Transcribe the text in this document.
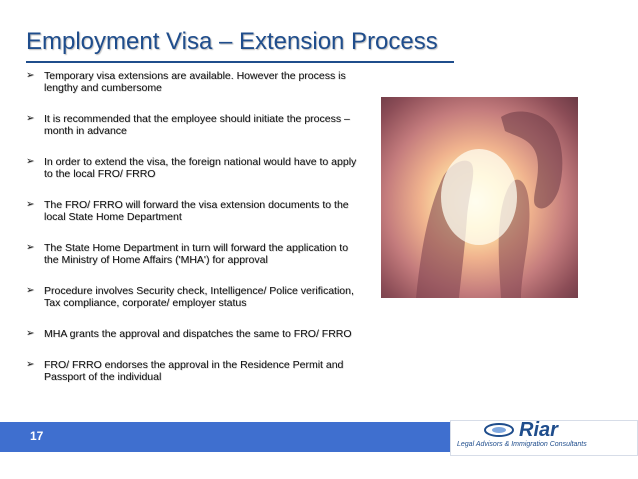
Employment Visa – Extension Process
➢ Temporary visa extensions are available. However the process is lengthy and cumbersome
➢ It is recommended that the employee should initiate the process –month in advance
➢ In order to extend the visa, the foreign national would have to apply to the local FRO/ FRRO
➢ The FRO/ FRRO will forward the visa extension documents to the local State Home Department
➢ The State Home Department in turn will forward the application to the Ministry of Home Affairs ('MHA') for approval
➢ Procedure involves Security check, Intelligence/ Police verification, Tax compliance, corporate/ employer status
➢ MHA grants the approval and dispatches the same to FRO/ FRRO
➢ FRO/ FRRO endorses the approval in the Residence Permit and Passport of the individual
17	Riar
Legal Advisors & Immigration Consultants
